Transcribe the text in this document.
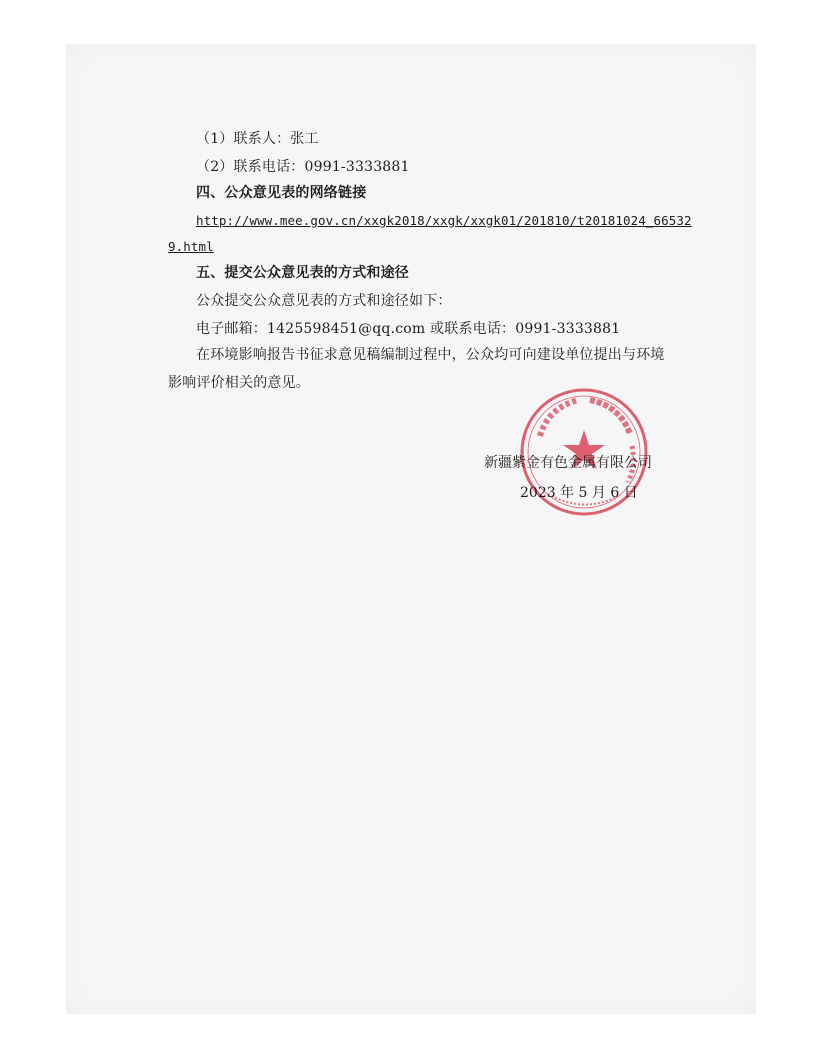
（1）联系人：张工
（2）联系电话：0991-3333881
四、公众意见表的网络链接
http://www.mee.gov.cn/xxgk2018/xxgk/xxgk01/201810/t20181024_66532
9.html
五、提交公众意见表的方式和途径
公众提交公众意见表的方式和途径如下：
电子邮箱：1425598451@qq.com 或联系电话：0991-3333881
在环境影响报告书征求意见稿编制过程中，公众均可向建设单位提出与环境
影响评价相关的意见。
新疆紫金有色金属有限公司
2023 年 5 月 6 日
